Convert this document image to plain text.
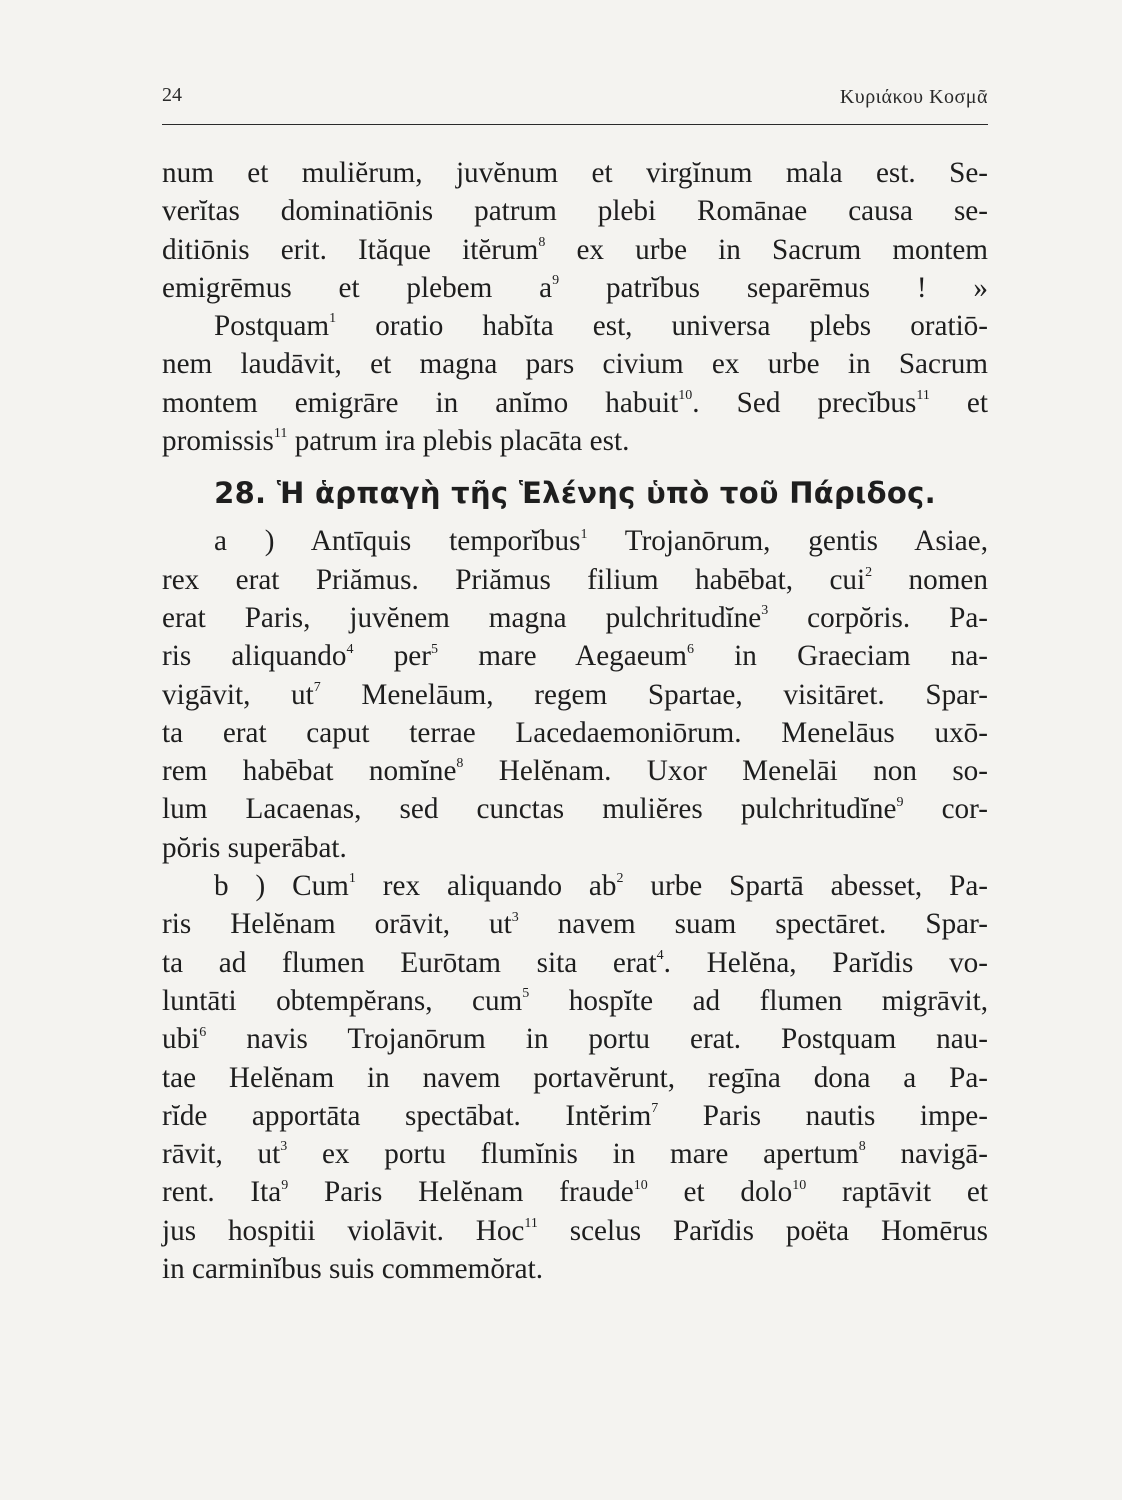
24	Κυριάκου Κοσμᾶ
num et muliĕrum, juvĕnum et virgĭnum mala est. Se-
verĭtas dominatiōnis patrum plebi Romānae causa se-
ditiōnis erit. Ităque itĕrum$^8$ ex urbe in Sacrum montem
emigrēmus et plebem $a^9$ patrĭbus separēmus ! »
Postquam$^1$ oratio habĭta est, universa plebs oratiō-
nem laudāvit, et magna pars civium ex urbe in Sacrum
montem emigrāre in anĭmo habuit$^{10}$. Sed precĭbus$^{11}$ et
promissis$^{11}$ patrum ira plebis placāta est.
28. Ἡ ἁρπαγὴ τῆς Ἑλένης ὑπὸ τοῦ Πάριδος.
a ) Antīquis temporĭbus$^1$ Trojanōrum, gentis Asiae,
rex erat Priămus. Priămus filium habēbat, cui$^2$ nomen
erat Paris, juvĕnem magna pulchritudĭne$^3$ corpŏris. Pa-
ris aliquando$^4$ per$^5$ mare Aegaeum$^6$ in Graeciam na-
vigāvit, $ut^7$ Menelāum, regem Spartae, visitāret. Spar-
ta erat caput terrae Lacedaemoniōrum. Menelāus uxō-
rem habēbat nomĭne$^8$ Helĕnam. Uxor Menelāi non so-
lum Lacaenas, sed cunctas muliĕres pulchritudĭne$^9$ cor-
pŏris superābat.
b ) Cum$^1$ rex aliquando $ab^2$ urbe Spartā abesset, Pa-
ris Helĕnam orāvit, $ut^3$ navem suam spectāret. Spar-
ta ad flumen Eurōtam sita erat$^4$. Helĕna, Parĭdis vo-
luntāti obtempĕrans, cum$^5$ hospĭte ad flumen migrāvit,
ubi$^6$ navis Trojanōrum in portu erat. Postquam nau-
tae Helĕnam in navem portavĕrunt, regīna dona a Pa-
rĭde apportāta spectābat. Intĕrim$^7$ Paris nautis impe-
rāvit, $ut^3$ ex portu flumĭnis in mare apertum$^8$ navigā-
rent. Ita$^9$ Paris Helĕnam fraude$^{10}$ et dolo$^{10}$ raptāvit et
jus hospitii violāvit. Hoc$^{11}$ scelus Parĭdis poëta Homērus
in carminĭbus suis commemŏrat.
